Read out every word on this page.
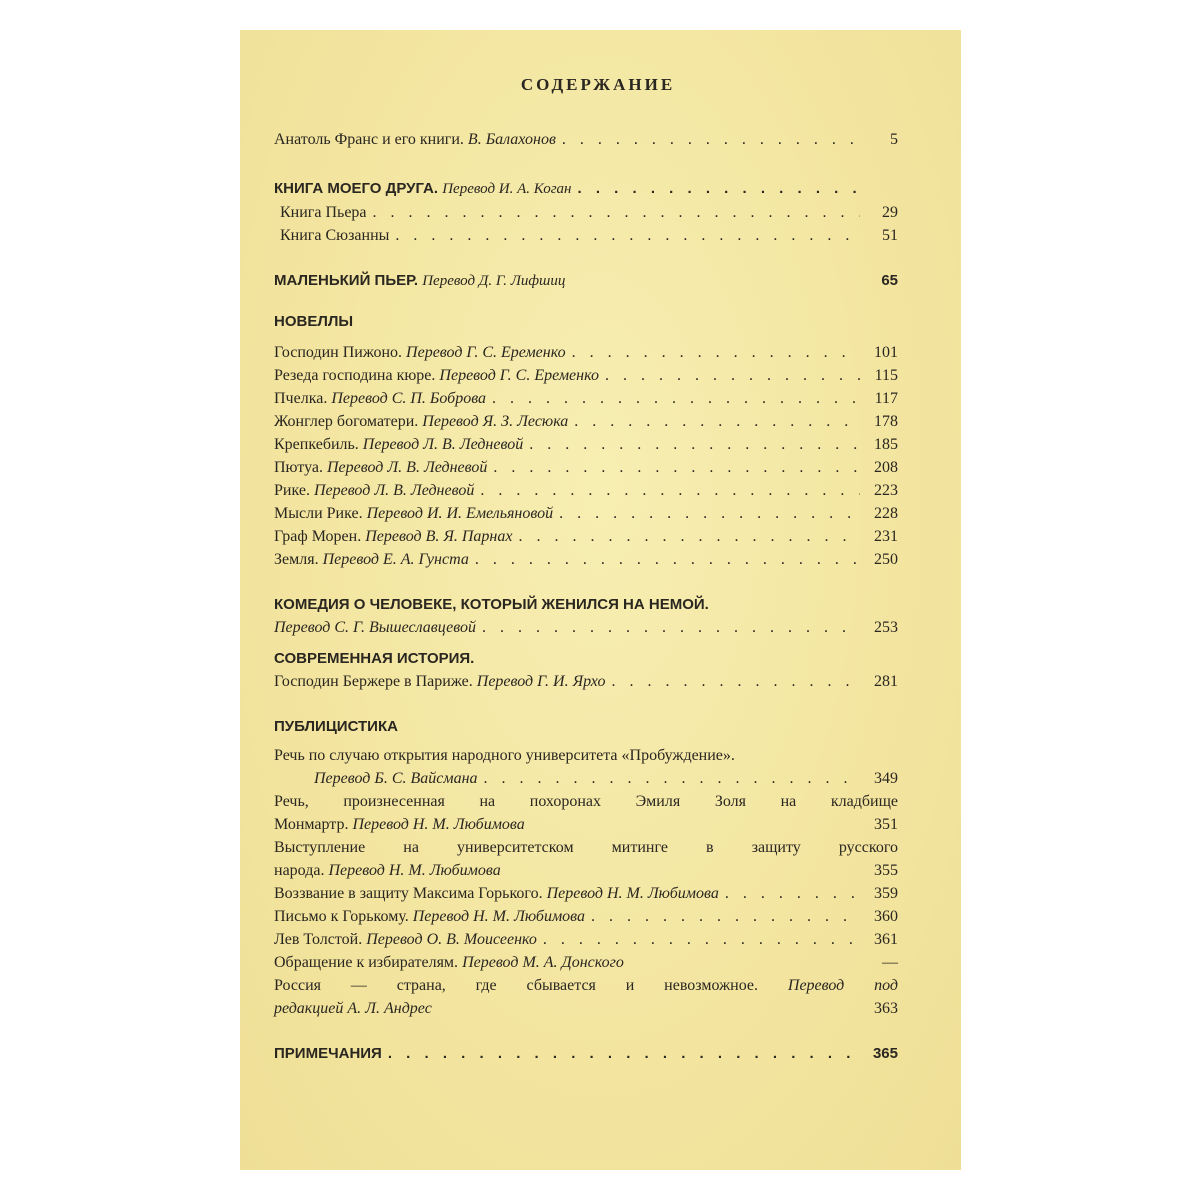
СОДЕРЖАНИЕ
Анатоль Франс и его книги. В. Балахонов . . .	5
КНИГА МОЕГО ДРУГА. Перевод И. А. Коган
. . .
Книга Пьера . . .	29
Книга Сюзанны . . .	51
МАЛЕНЬКИЙ ПЬЕР. Перевод Д. Г. Лифшиц	65
НОВЕЛЛЫ
Господин Пижоно. Перевод Г. С. Еременко . . .	101
Резеда господина кюре. Перевод Г. С. Еременко . . .	115
Пчелка. Перевод С. П. Боброва . . .	117
Жонглер богоматери. Перевод Я. З. Лесюка . . .	178
Крепкебиль. Перевод Л. В. Ледневой . . .	185
Пютуа. Перевод Л. В. Ледневой . . .	208
Рике. Перевод Л. В. Ледневой . . .	223
Мысли Рике. Перевод И. И. Емельяновой . . .	228
Граф Морен. Перевод В. Я. Парнах . . .	231
Земля. Перевод Е. А. Гунста . . .	250
КОМЕДИЯ О ЧЕЛОВЕКЕ, КОТОРЫЙ ЖЕНИЛСЯ НА НЕМОЙ.
Перевод С. Г. Вышеславцевой . . .	253
СОВРЕМЕННАЯ ИСТОРИЯ.
Господин Бержере в Париже. Перевод Г. И. Ярхо . . .	281
ПУБЛИЦИСТИКА
Речь по случаю открытия народного университета «Пробуждение».
Перевод Б. С. Вайсмана . . .	349
Речь, произнесенная на похоронах Эмиля Золя на кладбище
Монмартр. Перевод Н. М. Любимова	351
Выступление на университетском митинге в защиту русского
народа. Перевод Н. М. Любимова	355
Воззвание в защиту Максима Горького. Перевод Н. М. Любимова . . .	359
Письмо к Горькому. Перевод Н. М. Любимова . . .	360
Лев Толстой. Перевод О. В. Моисеенко . . .	361
Обращение к избирателям. Перевод М. А. Донского	—
Россия — страна, где сбывается и невозможное. Перевод под
редакцией А. Л. Андрес	363
ПРИМЕЧАНИЯ . . .	365
